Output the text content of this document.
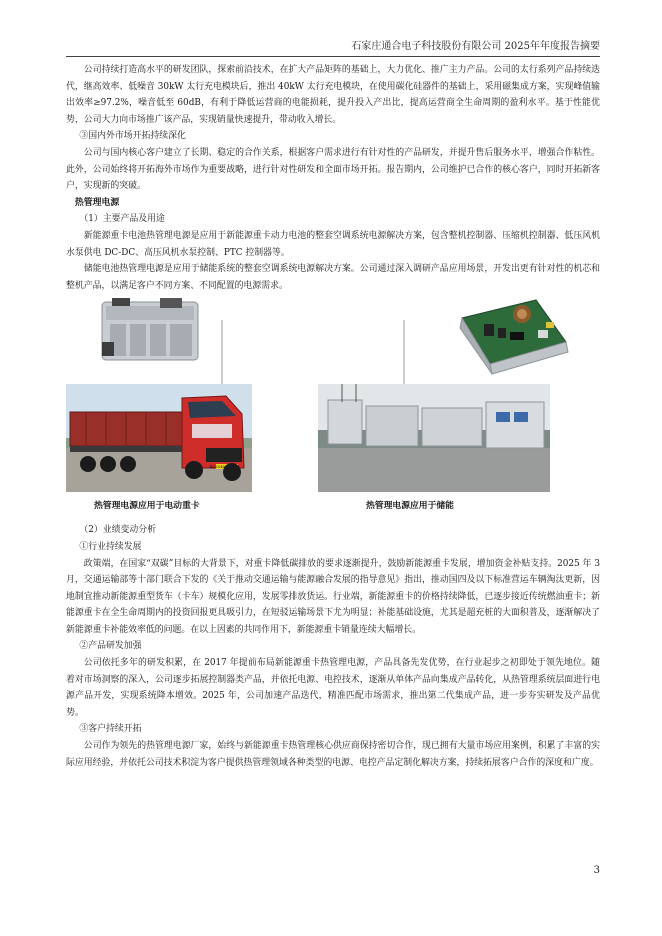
石家庄通合电子科技股份有限公司 2025年年度报告摘要

公司持续打造高水平的研发团队，探索前沿技术，在扩大产品矩阵的基础上，大力优化、推广主力产品。公司的太行系列产品持续迭代，继高效率、低噪音 30kW 太行充电模块后，推出 40kW 太行充电模块，在使用碳化硅器件的基础上，采用磁集成方案，实现峰值输出效率≥97.2%，噪音低至 60dB，有利于降低运营商的电能损耗，提升投入产出比，提高运营商全生命周期的盈利水平。基于性能优势，公司大力向市场推广该产品，实现销量快速提升，带动收入增长。

③国内外市场开拓持续深化

公司与国内核心客户建立了长期、稳定的合作关系，根据客户需求进行有针对性的产品研发，并提升售后服务水平，增强合作粘性。此外，公司始终将开拓海外市场作为重要战略，进行针对性研发和全面市场开拓。报告期内，公司维护已合作的核心客户，同时开拓新客户，实现新的突破。

热管理电源

（1）主要产品及用途

新能源重卡电池热管理电源是应用于新能源重卡动力电池的整套空调系统电源解决方案，包含整机控制器、压缩机控制器、低压风机水泵供电 DC-DC、高压风机水泵控制、PTC 控制器等。

储能电池热管理电源是应用于储能系统的整套空调系统电源解决方案。公司通过深入调研产品应用场景，开发出更有针对性的机芯和整机产品，以满足客户不同方案、不同配置的电源需求。

冀A·C9468
热管理电源应用于电动重卡	热管理电源应用于储能

（2）业绩变动分析

①行业持续发展

政策端，在国家“双碳”目标的大背景下，对重卡降低碳排放的要求逐渐提升，鼓励新能源重卡发展，增加资金补贴支持。2025 年 3 月，交通运输部等十部门联合下发的《关于推动交通运输与能源融合发展的指导意见》指出，推动国四及以下标准营运车辆淘汰更新，因地制宜推动新能源重型货车（卡车）规模化应用，发展零排放货运。行业端，新能源重卡的价格持续降低，已逐步接近传统燃油重卡；新能源重卡在全生命周期内的投资回报更具吸引力，在短驳运输场景下尤为明显；补能基础设施，尤其是超充桩的大面积普及，逐渐解决了新能源重卡补能效率低的问题。在以上因素的共同作用下，新能源重卡销量连续大幅增长。

②产品研发加强

公司依托多年的研发积累，在 2017 年提前布局新能源重卡热管理电源，产品具备先发优势，在行业起步之初即处于领先地位。随着对市场洞察的深入，公司逐步拓展控制器类产品，并依托电源、电控技术，逐渐从单体产品向集成产品转化，从热管理系统层面进行电源产品开发，实现系统降本增效。2025 年，公司加速产品迭代，精准匹配市场需求，推出第二代集成产品，进一步夯实研发及产品优势。

③客户持续开拓

公司作为领先的热管理电源厂家，始终与新能源重卡热管理核心供应商保持密切合作，现已拥有大量市场应用案例，积累了丰富的实际应用经验，并依托公司技术积淀为客户提供热管理领域各种类型的电源、电控产品定制化解决方案，持续拓展客户合作的深度和广度。

3
